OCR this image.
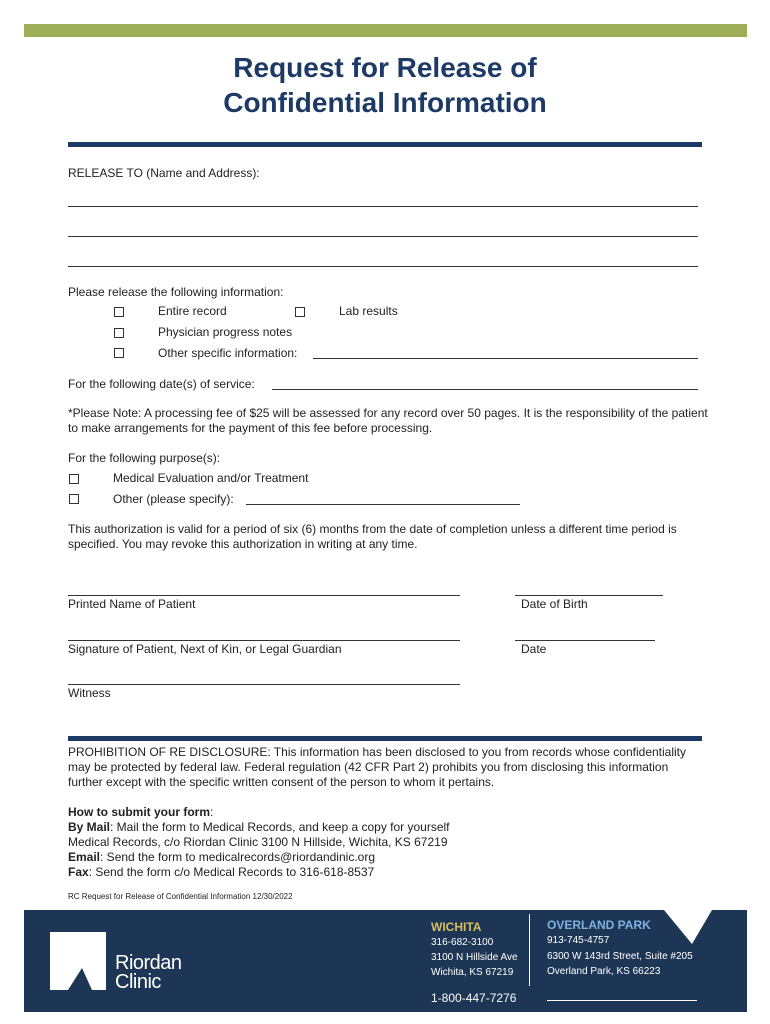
Request for Release of
Confidential Information
RELEASE TO (Name and Address):
Please release the following information:
Entire record	Lab results
Physician progress notes
Other specific information:
For the following date(s) of service:
*Please Note: A processing fee of $25 will be assessed for any record over 50 pages. It is the responsibility of the patient to make arrangements for the payment of this fee before processing.
For the following purpose(s):
Medical Evaluation and/or Treatment
Other (please specify):
This authorization is valid for a period of six (6) months from the date of completion unless a different time period is specified. You may revoke this authorization in writing at any time.
Printed Name of Patient	Date of Birth
Signature of Patient, Next of Kin, or Legal Guardian	Date
Witness
PROHIBITION OF RE DISCLOSURE: This information has been disclosed to you from records whose confidentiality may be protected by federal law. Federal regulation (42 CFR Part 2) prohibits you from disclosing this information further except with the specific written consent of the person to whom it pertains.
How to submit your form:
By Mail: Mail the form to Medical Records, and keep a copy for yourself
Medical Records, c/o Riordan Clinic 3100 N Hillside, Wichita, KS 67219
Email: Send the form to medicalrecords@riordandinic.org
Fax: Send the form c/o Medical Records to 316-618-8537
RC Request for Release of Confidential Information 12/30/2022
Riordan
Clinic
WICHITA
316-682-3100
3100 N Hillside Ave
Wichita, KS 67219
OVERLAND PARK
913-745-4757
6300 W 143rd Street, Suite #205
Overland Park, KS 66223
1-800-447-7276
